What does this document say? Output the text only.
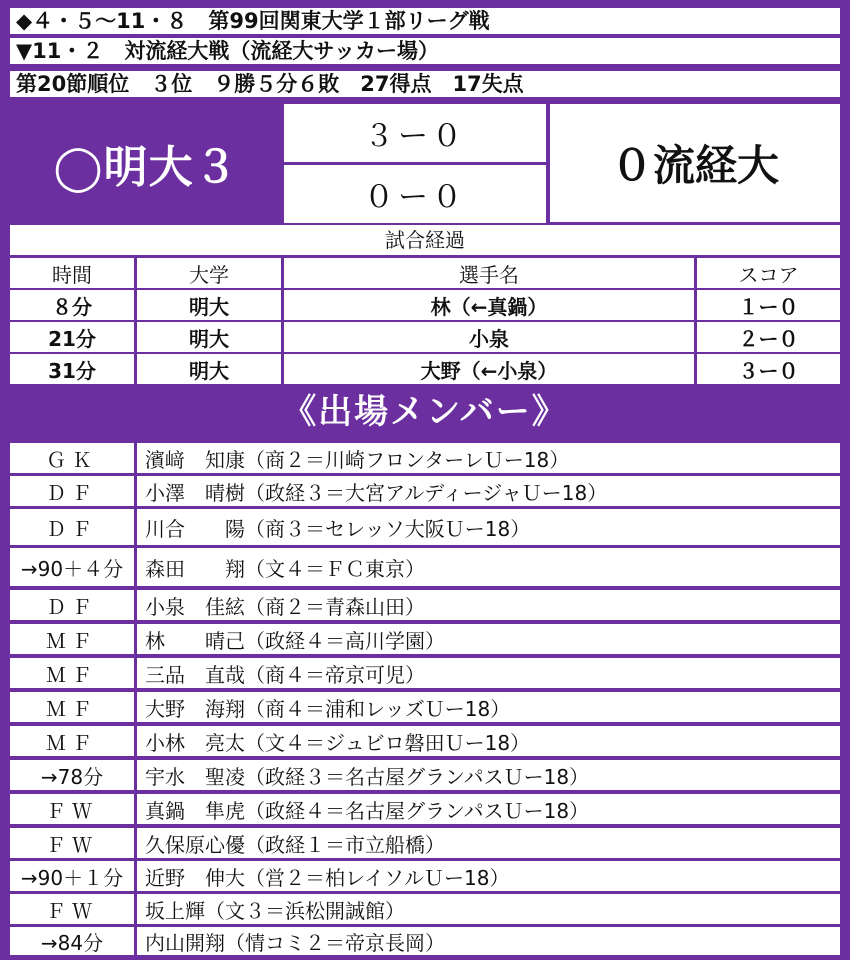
◆４・５～11・８　第99回関東大学１部リーグ戦
▼11・２　対流経大戦（流経大サッカー場）
第20節順位　３位　９勝５分６敗　27得点　17失点
◯明大３
３ー０
０ー０
０流経大
試合経過
時間	大学	選手名	スコア
８分	明大	林（←真鍋）	１ー０
21分	明大	小泉	２ー０
31分	明大	大野（←小泉）	３ー０
《出場メンバー》
ＧＫ	濱﨑　知康（商２＝川崎フロンターレＵー18）
ＤＦ	小澤　晴樹（政経３＝大宮アルディージャＵー18）
ＤＦ	川合　　陽（商３＝セレッソ大阪Ｕー18）
→90＋４分	森田　　翔（文４＝ＦＣ東京）
ＤＦ	小泉　佳絃（商２＝青森山田）
ＭＦ	林　　晴己（政経４＝高川学園）
ＭＦ	三品　直哉（商４＝帝京可児）
ＭＦ	大野　海翔（商４＝浦和レッズＵー18）
ＭＦ	小林　亮太（文４＝ジュビロ磐田Ｕー18）
→78分	宇水　聖凌（政経３＝名古屋グランパスＵー18）
ＦＷ	真鍋　隼虎（政経４＝名古屋グランパスＵー18）
ＦＷ	久保原心優（政経１＝市立船橋）
→90＋１分	近野　伸大（営２＝柏レイソルＵー18）
ＦＷ	坂上輝（文３＝浜松開誠館）
→84分	内山開翔（情コミ２＝帝京長岡）
